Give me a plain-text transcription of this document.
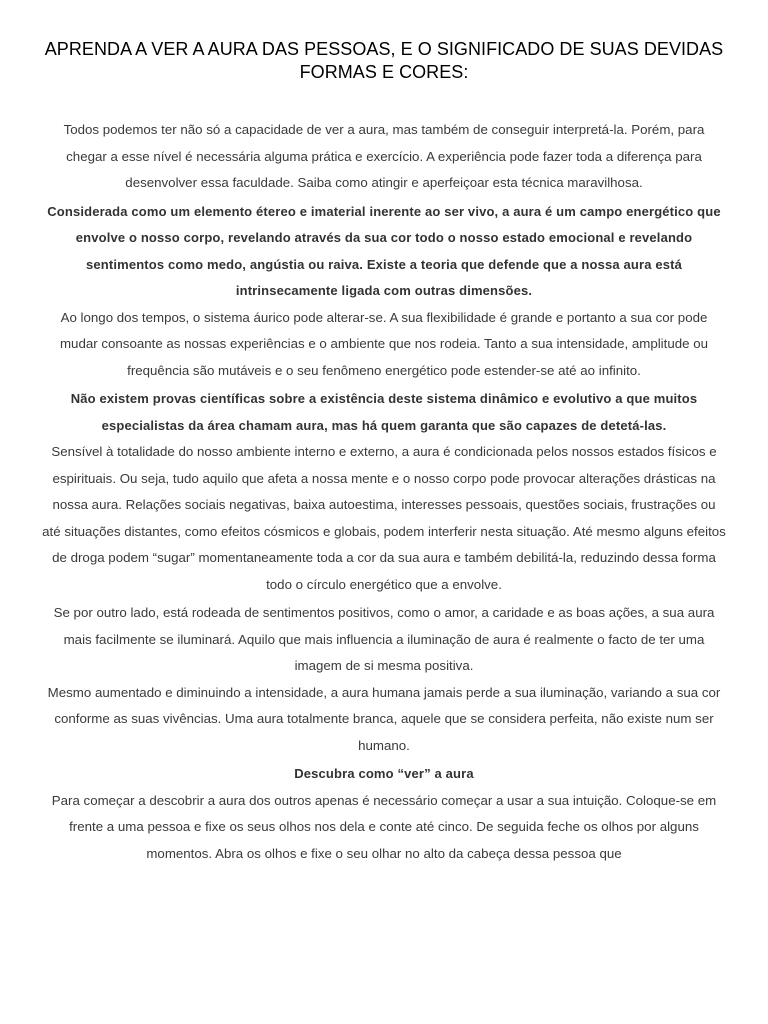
APRENDA A VER A AURA DAS PESSOAS, E O SIGNIFICADO DE SUAS DEVIDAS FORMAS E CORES:

Todos podemos ter não só a capacidade de ver a aura, mas também de conseguir interpretá-la. Porém, para chegar a esse nível é necessária alguma prática e exercício. A experiência pode fazer toda a diferença para desenvolver essa faculdade. Saiba como atingir e aperfeiçoar esta técnica maravilhosa.

Considerada como um elemento étereo e imaterial inerente ao ser vivo, a aura é um campo energético que envolve o nosso corpo, revelando através da sua cor todo o nosso estado emocional e revelando sentimentos como medo, angústia ou raiva. Existe a teoria que defende que a nossa aura está intrinsecamente ligada com outras dimensões.

Ao longo dos tempos, o sistema áurico pode alterar-se. A sua flexibilidade é grande e portanto a sua cor pode mudar consoante as nossas experiências e o ambiente que nos rodeia. Tanto a sua intensidade, amplitude ou frequência são mutáveis e o seu fenômeno energético pode estender-se até ao infinito.

Não existem provas científicas sobre a existência deste sistema dinâmico e evolutivo a que muitos especialistas da área chamam aura, mas há quem garanta que são capazes de detetá-las.

Sensível à totalidade do nosso ambiente interno e externo, a aura é condicionada pelos nossos estados físicos e espirituais. Ou seja, tudo aquilo que afeta a nossa mente e o nosso corpo pode provocar alterações drásticas na nossa aura. Relações sociais negativas, baixa autoestima, interesses pessoais, questões sociais, frustrações ou até situações distantes, como efeitos cósmicos e globais, podem interferir nesta situação. Até mesmo alguns efeitos de droga podem “sugar” momentaneamente toda a cor da sua aura e também debilitá-la, reduzindo dessa forma todo o círculo energético que a envolve.

Se por outro lado, está rodeada de sentimentos positivos, como o amor, a caridade e as boas ações, a sua aura mais facilmente se iluminará. Aquilo que mais influencia a iluminação de aura é realmente o facto de ter uma imagem de si mesma positiva.

Mesmo aumentado e diminuindo a intensidade, a aura humana jamais perde a sua iluminação, variando a sua cor conforme as suas vivências. Uma aura totalmente branca, aquele que se considera perfeita, não existe num ser humano.

Descubra como “ver” a aura

Para começar a descobrir a aura dos outros apenas é necessário começar a usar a sua intuição. Coloque-se em frente a uma pessoa e fixe os seus olhos nos dela e conte até cinco. De seguida feche os olhos por alguns momentos. Abra os olhos e fixe o seu olhar no alto da cabeça dessa pessoa que
